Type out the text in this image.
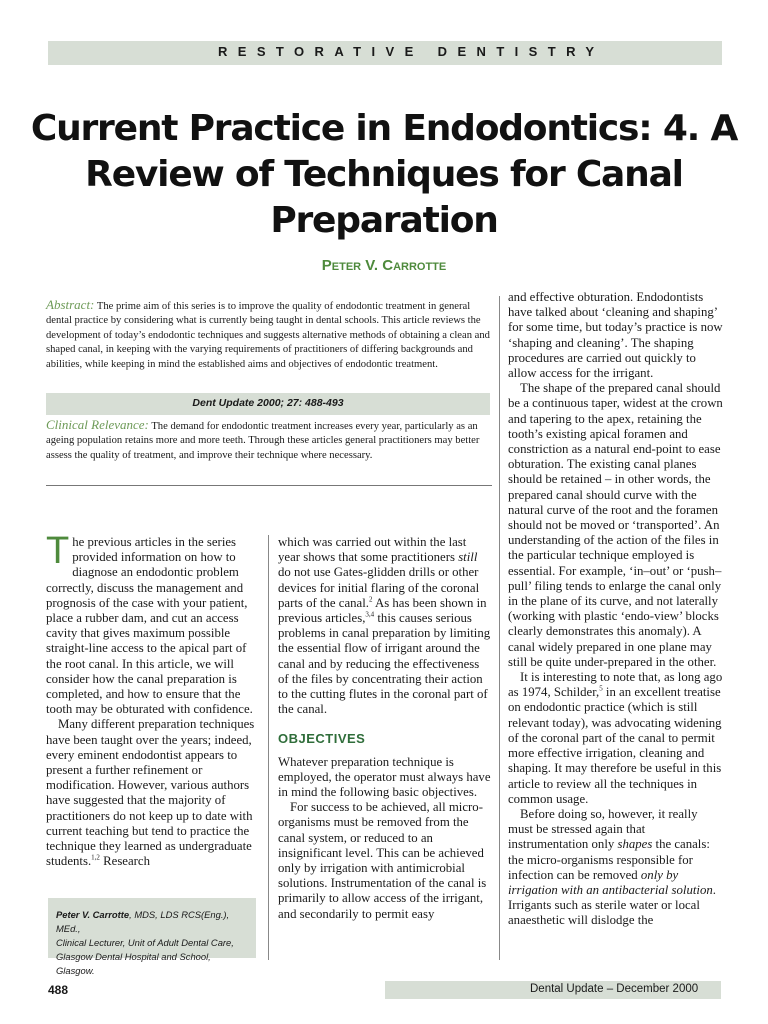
RESTORATIVE DENTISTRY
Current Practice in Endodontics: 4. A Review of Techniques for Canal Preparation
Peter V. Carrotte
Abstract: The prime aim of this series is to improve the quality of endodontic treatment in general dental practice by considering what is currently being taught in dental schools. This article reviews the development of today’s endodontic techniques and suggests alternative methods of obtaining a clean and shaped canal, in keeping with the varying requirements of practitioners of differing backgrounds and abilities, while keeping in mind the established aims and objectives of endodontic treatment.
Dent Update 2000; 27: 488-493
Clinical Relevance: The demand for endodontic treatment increases every year, particularly as an ageing population retains more and more teeth. Through these articles general practitioners may better assess the quality of treatment, and improve their technique where necessary.

The previous articles in the series provided information on how to diagnose an endodontic problem correctly, discuss the management and prognosis of the case with your patient, place a rubber dam, and cut an access cavity that gives maximum possible straight-line access to the apical part of the root canal. In this article, we will consider how the canal preparation is completed, and how to ensure that the tooth may be obturated with confidence.

Many different preparation techniques have been taught over the years; indeed, every eminent endodontist appears to present a further refinement or modification. However, various authors have suggested that the majority of practitioners do not keep up to date with current teaching but tend to practice the technique they learned as undergraduate students.$^{1,2}$ Research

which was carried out within the last year shows that some practitioners still do not use Gates-glidden drills or other devices for initial flaring of the coronal parts of the canal.$^2$ As has been shown in previous articles,$^{3,4}$ this causes serious problems in canal preparation by limiting the essential flow of irrigant around the canal and by reducing the effectiveness of the files by concentrating their action to the cutting flutes in the coronal part of the canal.

OBJECTIVES

Whatever preparation technique is employed, the operator must always have in mind the following basic objectives.

For success to be achieved, all micro-organisms must be removed from the canal system, or reduced to an insignificant level. This can be achieved only by irrigation with antimicrobial solutions. Instrumentation of the canal is primarily to allow access of the irrigant, and secondarily to permit easy

and effective obturation. Endodontists have talked about ‘cleaning and shaping’ for some time, but today’s practice is now ‘shaping and cleaning’. The shaping procedures are carried out quickly to allow access for the irrigant.

The shape of the prepared canal should be a continuous taper, widest at the crown and tapering to the apex, retaining the tooth’s existing apical foramen and constriction as a natural end-point to ease obturation. The existing canal planes should be retained – in other words, the prepared canal should curve with the natural curve of the root and the foramen should not be moved or ‘transported’. An understanding of the action of the files in the particular technique employed is essential. For example, ‘in–out’ or ‘push–pull’ filing tends to enlarge the canal only in the plane of its curve, and not laterally (working with plastic ‘endo-view’ blocks clearly demonstrates this anomaly). A canal widely prepared in one plane may still be quite under-prepared in the other.

It is interesting to note that, as long ago as 1974, Schilder,$^5$ in an excellent treatise on endodontic practice (which is still relevant today), was advocating widening of the coronal part of the canal to permit more effective irrigation, cleaning and shaping. It may therefore be useful in this article to review all the techniques in common usage.

Before doing so, however, it really must be stressed again that instrumentation only shapes the canals: the micro-organisms responsible for infection can be removed only by irrigation with an antibacterial solution. Irrigants such as sterile water or local anaesthetic will dislodge the

Peter V. Carrotte, MDS, LDS RCS(Eng.), MEd.,
Clinical Lecturer, Unit of Adult Dental Care,
Glasgow Dental Hospital and School, Glasgow.
488	Dental Update – December 2000
